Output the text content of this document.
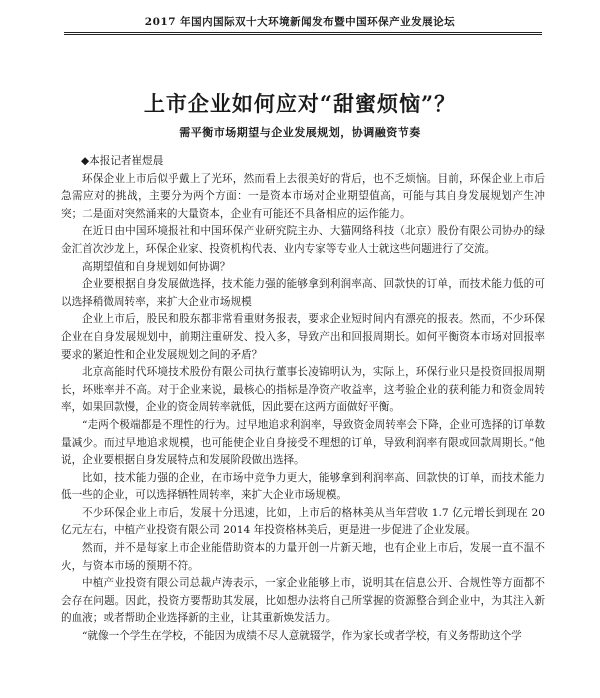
2017 年国内国际双十大环境新闻发布暨中国环保产业发展论坛
上市企业如何应对“甜蜜烦恼”？
需平衡市场期望与企业发展规划，协调融资节奏

◆本报记者崔煜晨

环保企业上市后似乎戴上了光环，然而看上去很美好的背后，也不乏烦恼。目前，环保企业上市后急需应对的挑战，主要分为两个方面：一是资本市场对企业期望值高，可能与其自身发展规划产生冲突；二是面对突然涌来的大量资本，企业有可能还不具备相应的运作能力。

在近日由中国环境报社和中国环保产业研究院主办、大猫网络科技（北京）股份有限公司协办的绿金汇首次沙龙上，环保企业家、投资机构代表、业内专家等专业人士就这些问题进行了交流。

高期望值和自身规划如何协调？

企业要根据自身发展做选择，技术能力强的能够拿到利润率高、回款快的订单，而技术能力低的可以选择稍微周转率，来扩大企业市场规模

企业上市后，股民和股东都非常看重财务报表，要求企业短时间内有漂亮的报表。然而，不少环保企业在自身发展规划中，前期注重研发、投入多，导致产出和回报周期长。如何平衡资本市场对回报率要求的紧迫性和企业发展规划之间的矛盾？

北京高能时代环境技术股份有限公司执行董事长凌锦明认为，实际上，环保行业只是投资回报周期长，坏账率并不高。对于企业来说，最核心的指标是净资产收益率，这考验企业的获利能力和资金周转率，如果回款慢，企业的资金周转率就低，因此要在这两方面做好平衡。

“走两个极端都是不理性的行为。过早地追求利润率，导致资金周转率会下降，企业可选择的订单数量减少。而过早地追求规模，也可能使企业自身接受不理想的订单，导致利润率有限或回款周期长。”他说，企业要根据自身发展特点和发展阶段做出选择。

比如，技术能力强的企业，在市场中竞争力更大，能够拿到利润率高、回款快的订单，而技术能力低一些的企业，可以选择牺牲周转率，来扩大企业市场规模。

不少环保企业上市后，发展十分迅速，比如，上市后的格林美从当年营收 1.7 亿元增长到现在 20 亿元左右，中植产业投资有限公司 2014 年投资格林美后，更是进一步促进了企业发展。

然而，并不是每家上市企业能借助资本的力量开创一片新天地，也有企业上市后，发展一直不温不火，与资本市场的预期不符。

中植产业投资有限公司总裁卢涛表示，一家企业能够上市，说明其在信息公开、合规性等方面都不会存在问题。因此，投资方要帮助其发展，比如想办法将自己所掌握的资源整合到企业中，为其注入新的血液；或者帮助企业选择新的主业，让其重新焕发活力。

“就像一个学生在学校，不能因为成绩不尽人意就辍学，作为家长或者学校，有义务帮助这个学
